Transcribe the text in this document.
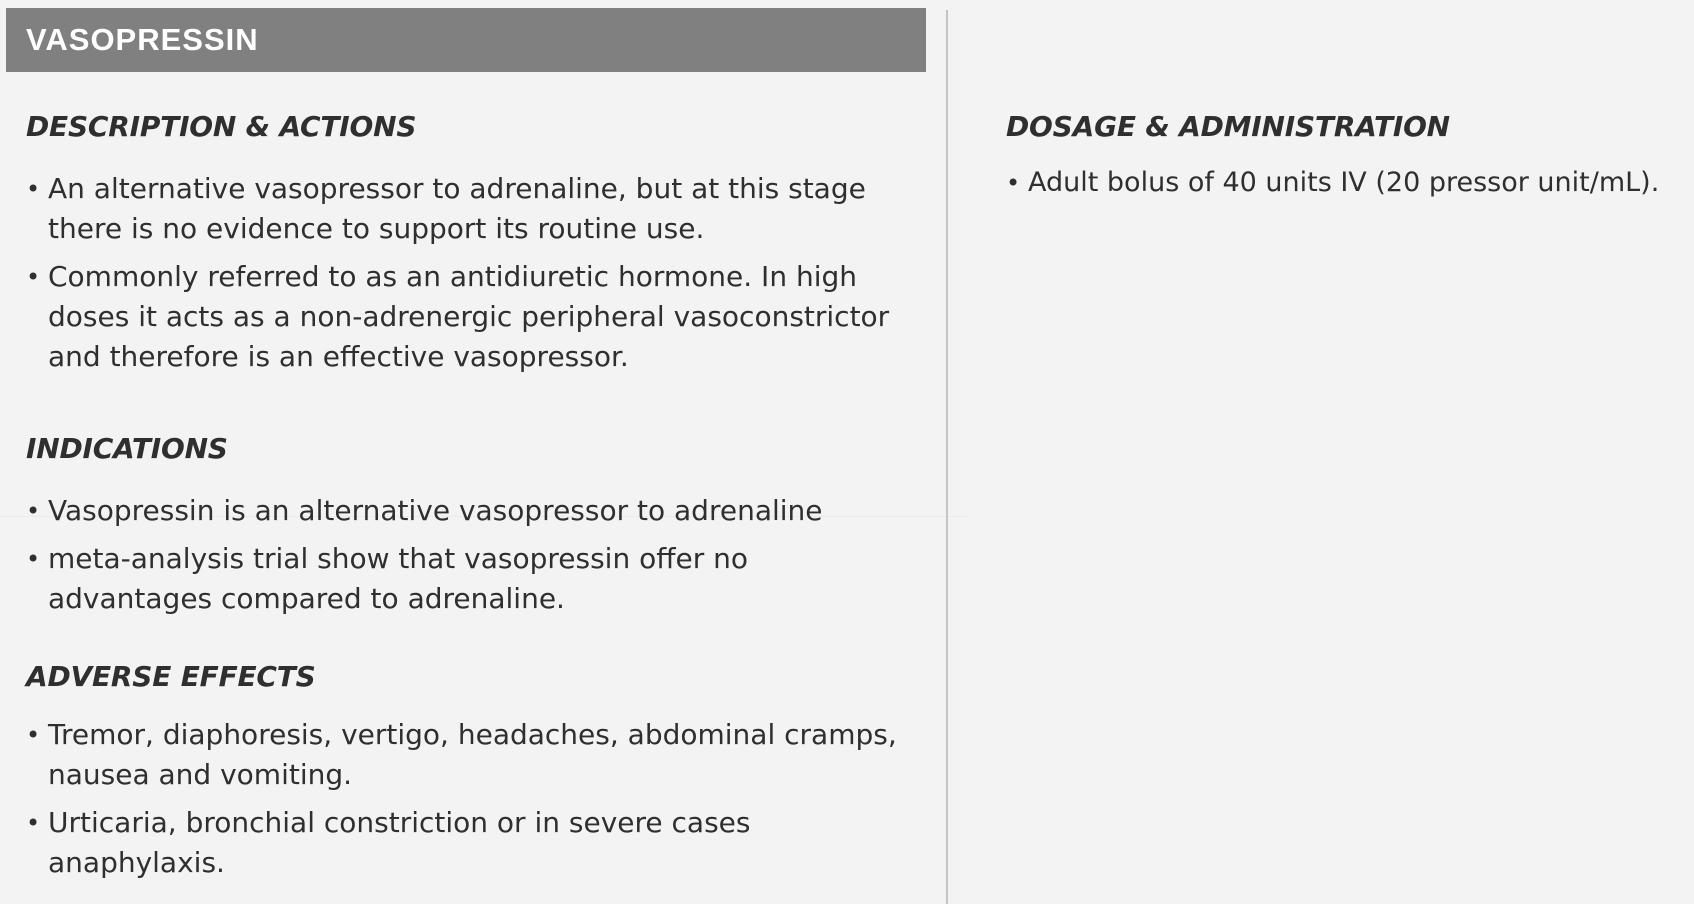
VASOPRESSIN
DESCRIPTION & ACTIONS
• An alternative vasopressor to adrenaline, but at this stage there is no evidence to support its routine use.
• Commonly referred to as an antidiuretic hormone. In high doses it acts as a non-adrenergic peripheral vasoconstrictor and therefore is an effective vasopressor.
INDICATIONS
• Vasopressin is an alternative vasopressor to adrenaline
• meta-analysis trial show that vasopressin offer no advantages compared to adrenaline.
ADVERSE EFFECTS
• Tremor, diaphoresis, vertigo, headaches, abdominal cramps, nausea and vomiting.
• Urticaria, bronchial constriction or in severe cases anaphylaxis.
DOSAGE & ADMINISTRATION
• Adult bolus of 40 units IV (20 pressor unit/mL).
